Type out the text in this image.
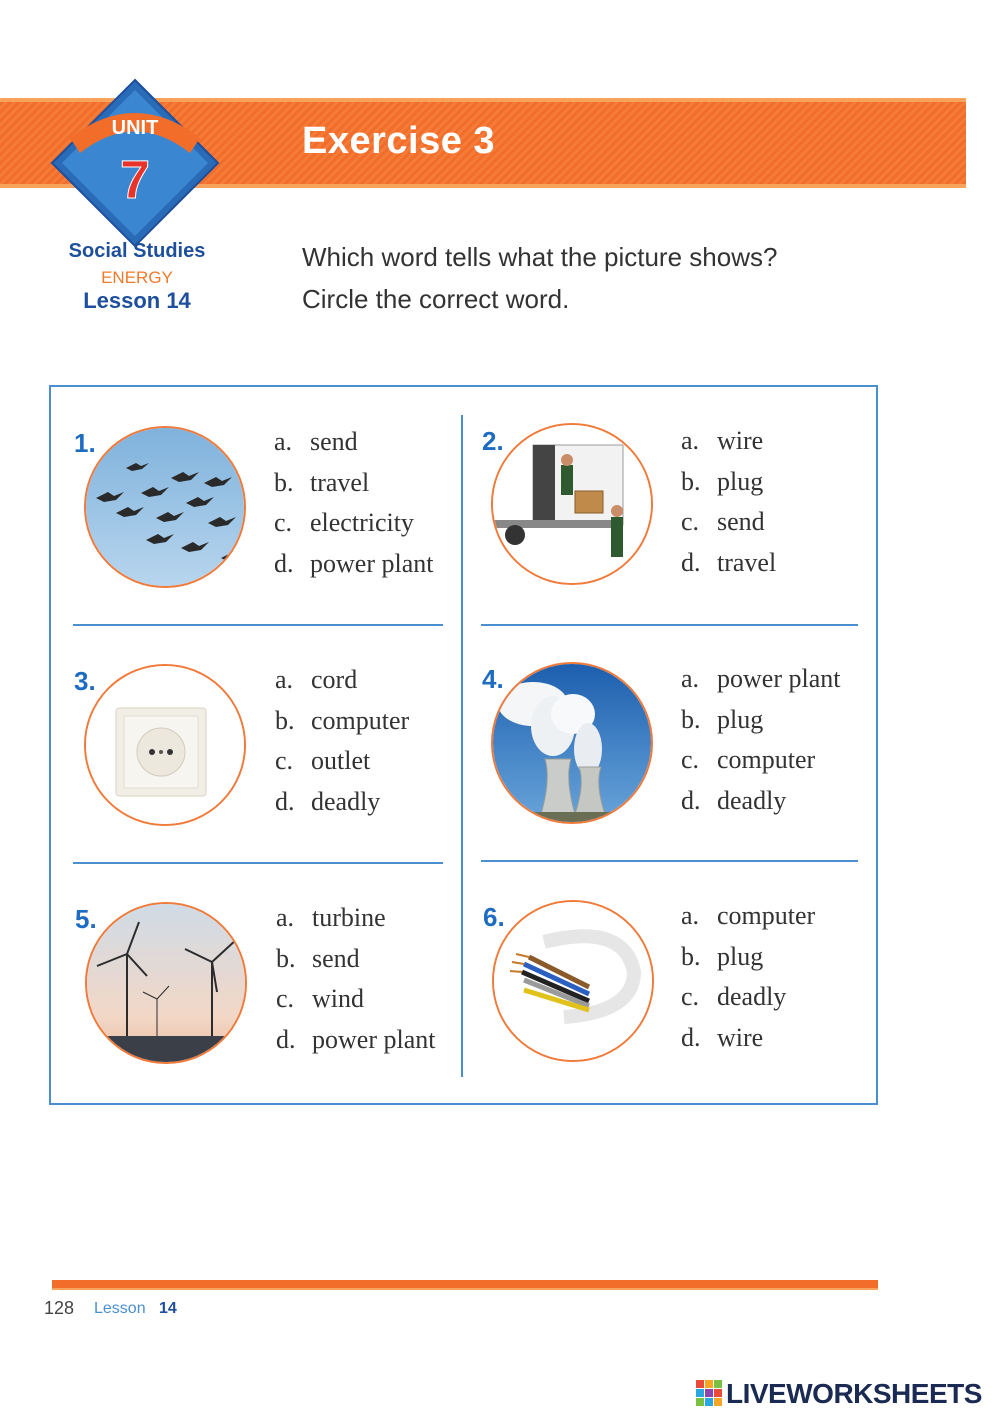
Exercise 3
UNIT
7
Social Studies
ENERGY
Lesson 14
Which word tells what the picture shows?
Circle the correct word.
1.	a. send
b. travel
c. electricity
d. power plant
2.	a. wire
b. plug
c. send
d. travel
3.	a. cord
b. computer
c. outlet
d. deadly
4.	a. power plant
b. plug
c. computer
d. deadly
5.	a. turbine
b. send
c. wind
d. power plant
6.	a. computer
b. plug
c. deadly
d. wire
128 Lesson 14
LIVEWORKSHEETS
